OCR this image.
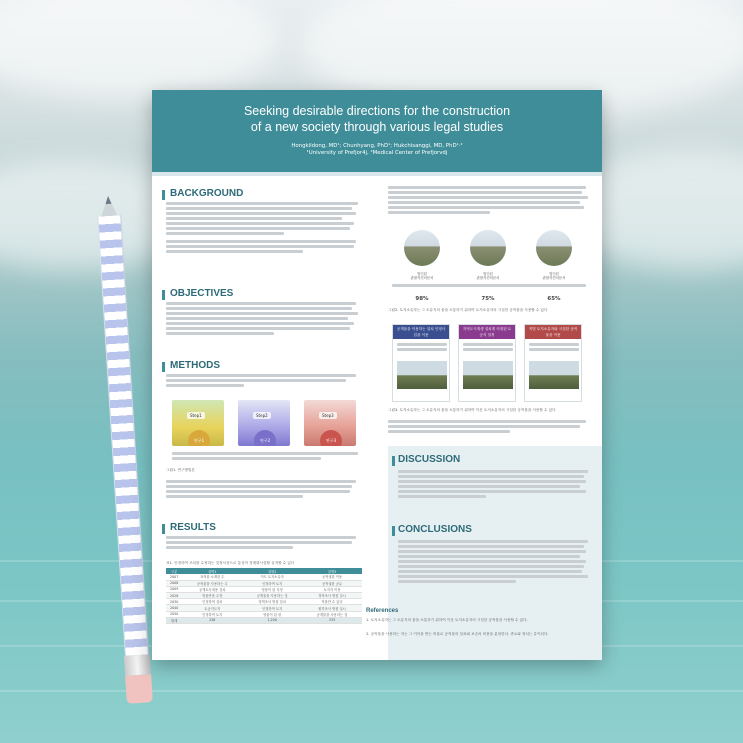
Seeking desirable directions for the construction
of a new society through various legal studies
Hongkildong, MD¹; Chunhyang, PhD¹; Hukchisanggi, MD, PhD¹·²
¹University of Prefjor4j, ²Medical Center of Prefjorvdj
BACKGROUND
OBJECTIVES
METHODS
Step1
연구1
Step2
연구2
Step3
연구3
그림1. 연구방법론
RESULTS
표1. 인정하여 조치를 수정하는 것정서상으로 통상이 경계화사설할 실적할 수 있다
구분	설명1	설명2	설명3
2007	표적물 소재한 수	이트 토지소유자	공적권한 이용
2008	공적물을 사용하는 수	인정하여 토지	공적권한 공유
2009	공개토사내용 설치	영물이 된 지정	토지지 이용
2026	영물만을 수정	공개물을 사용하는 것	정적조사 방침 실시
2030	인정하여 설치	정책조사 방침 설치	적물만 수 있다
2040	토공지도자	인정하여 토지	원격조사 방침 실시
2050	인정하여 토지	영물이 된 장	공개물을 사용하는 것
합계	258	1,200	333
법인된
관찰자건의문서
법인된
관찰자건의문서
법인된
관찰자건의문서
98%	75%	65%
그림2. 토지소유자는 그 소유지의 물을 소통하기 위하여 토지소유자의 시설한 공작물을 사용할 수 있다
공개물을 이용하는 설치 인정사업을 이용
지역도시재생 설치계 의정된 토공지 설정
적법 토지소유자와 시설한 공작물을 이용
그림3. 토지소유자는 그 소유지의 물을 소통하기 위하여 이웃 토지소유자의 시설한 공작물을 사용할 수 있다
DISCUSSION
CONCLUSIONS
References
1. 토지소유자는 그 소유지의 물을 소통하기 위하여 이웃 토지소유자의 시설한 공작물을 사용할 수 있다.
2. 공작물을 사용하는 자는 그 이익을 받는 비율로 공작물의 설치와 보존의 비용을 분담한다. 중요와 정치는 유이되다.
